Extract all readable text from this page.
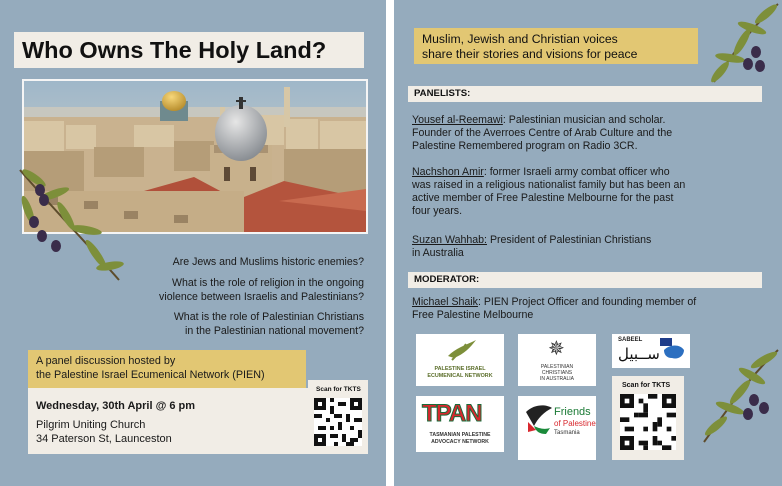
Who Owns The Holy Land?
Are Jews and Muslims historic enemies?
What is the role of religion in the ongoing
violence between Israelis and Palestinians?
What is the role of Palestinian Christians
in the Palestinian national movement?
A panel discussion hosted by
the Palestine Israel Ecumenical Network (PIEN)
Wednesday, 30th April @ 6 pm
Pilgrim Uniting Church
34 Paterson St, Launceston
Scan for TKTS
Muslim, Jewish and Christian voices
share their stories and visions for peace
PANELISTS:
Yousef al-Reemawi: Palestinian musician and scholar.
Founder of the Averroes Centre of Arab Culture and the
Palestine Remembered program on Radio 3CR.
Nachshon Amir: former Israeli army combat officer who
was raised in a religious nationalist family but has been an
active member of Free Palestine Melbourne for the past
four years.
Suzan Wahhab: President of Palestinian Christians
in Australia
MODERATOR:
Michael Shaik: PIEN Project Officer and founding member of
Free Palestine Melbourne
PALESTINE ISRAEL ECUMENICAL NETWORK
✵
PALESTINIAN
CHRISTIANS
IN AUSTRALIA
SABEEL
ســبيل
TPAN
TASMANIAN PALESTINE
ADVOCACY NETWORK
Friends
of Palestine
Tasmania
Scan for TKTS
